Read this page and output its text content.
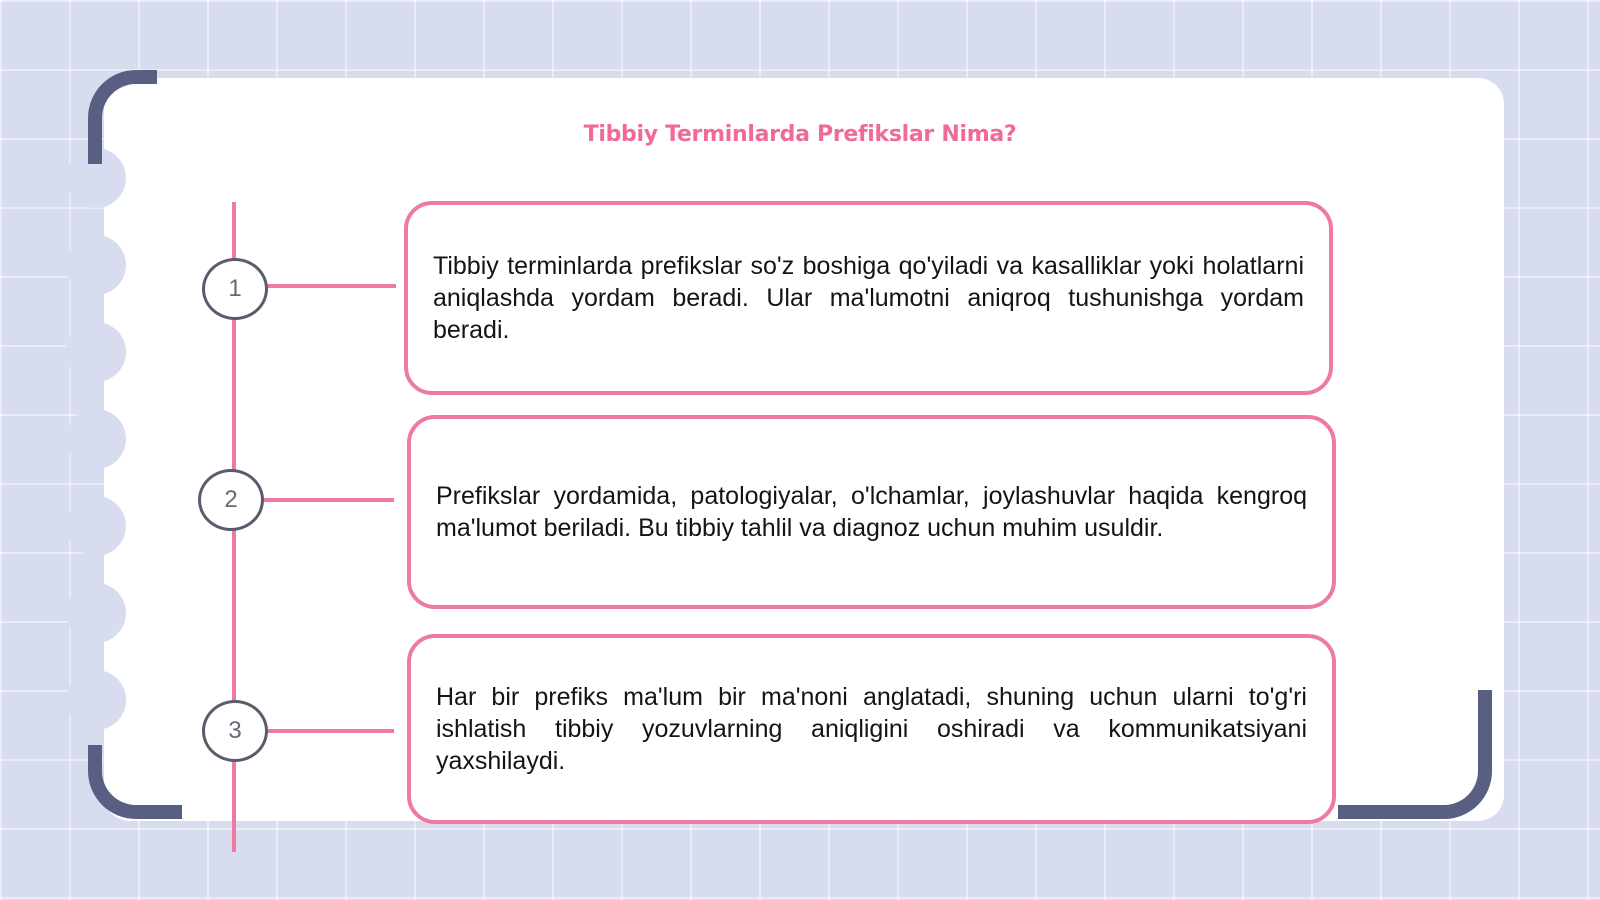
Tibbiy Terminlarda Prefikslar Nima?
1
2
3

Tibbiy terminlarda prefikslar so'z boshiga qo'yiladi va kasalliklar yoki holatlarni aniqlashda yordam beradi. Ular ma'lumotni aniqroq tushunishga yordam beradi.

Prefikslar yordamida, patologiyalar, o'lchamlar, joylashuvlar haqida kengroq ma'lumot beriladi. Bu tibbiy tahlil va diagnoz uchun muhim usuldir.

Har bir prefiks ma'lum bir ma'noni anglatadi, shuning uchun ularni to'g'ri ishlatish tibbiy yozuvlarning aniqligini oshiradi va kommunikatsiyani yaxshilaydi.
